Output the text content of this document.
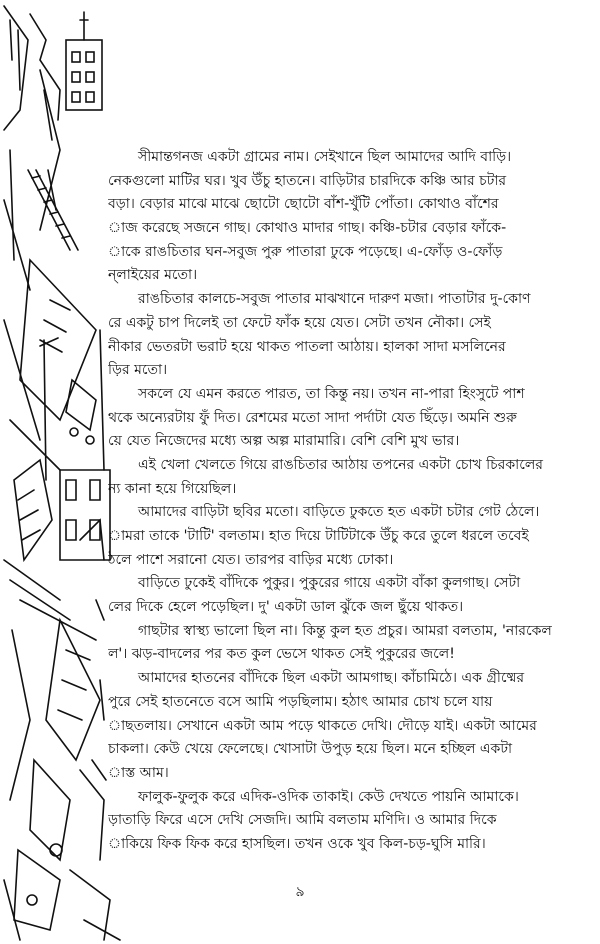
সীমান্তগনজ একটা গ্রামের নাম। সেইখানে ছিল আমাদের আদি বাড়ি।
নেকগুলো মাটির ঘর। খুব উঁচু হাতনে। বাড়িটার চারদিকে কঞ্চি আর চটার
বড়া। বেড়ার মাঝে মাঝে ছোটো ছোটো বাঁশ-খুঁটি পোঁতা। কোথাও বাঁশের
াজ করেছে সজনে গাছ। কোথাও মাদার গাছ। কঞ্চি-চটার বেড়ার ফাঁকে-
াকে রাঙচিতার ঘন-সবুজ পুরু পাতারা ঢুকে পড়েছে। এ-ফোঁড় ও-ফোঁড়
ন্লাইয়ের মতো।
রাঙচিতার কালচে-সবুজ পাতার মাঝখানে দারুণ মজা। পাতাটার দু-কোণ
রে একটু চাপ দিলেই তা ফেটে ফাঁক হয়ে যেত। সেটা তখন নৌকা। সেই
নীকার ভেতরটা ভরাট হয়ে থাকত পাতলা আঠায়। হালকা সাদা মসলিনের
ড়ির মতো।
সকলে যে এমন করতে পারত, তা কিন্তু নয়। তখন না-পারা হিংসুটে পাশ
থকে অন্যেরটায় ফুঁ দিত। রেশমের মতো সাদা পর্দাটা যেত ছিঁড়ে। অমনি শুরু
য়ে যেত নিজেদের মধ্যে অল্প অল্প মারামারি। বেশি বেশি মুখ ভার।
এই খেলা খেলতে গিয়ে রাঙচিতার আঠায় তপনের একটা চোখ চিরকালের
ন্য কানা হয়ে গিয়েছিল।
আমাদের বাড়িটা ছবির মতো। বাড়িতে ঢুকতে হত একটা চটার গেট ঠেলে।
ামরা তাকে 'টাটি' বলতাম। হাত দিয়ে টাটিটাকে উঁচু করে তুলে ধরলে তবেই
ঠলে পাশে সরানো যেত। তারপর বাড়ির মধ্যে ঢোকা।
বাড়িতে ঢুকেই বাঁদিকে পুকুর। পুকুরের গায়ে একটা বাঁকা কুলগাছ। সেটা
লের দিকে হেলে পড়েছিল। দু' একটা ডাল ঝুঁকে জল ছুঁয়ে থাকত।
গাছটার স্বাস্থ্য ভালো ছিল না। কিন্তু কুল হত প্রচুর। আমরা বলতাম, 'নারকেল
ল'। ঝড়-বাদলের পর কত কুল ভেসে থাকত সেই পুকুরের জলে!
আমাদের হাতনের বাঁদিকে ছিল একটা আমগাছ। কাঁচামিঠে। এক গ্রীষ্মের
পুরে সেই হাতনেতে বসে আমি পড়ছিলাম। হঠাৎ আমার চোখ চলে যায়
াছতলায়। সেখানে একটা আম পড়ে থাকতে দেখি। দৌড়ে যাই। একটা আমের
চাকলা। কেউ খেয়ে ফেলেছে। খোসাটা উপুড় হয়ে ছিল। মনে হচ্ছিল একটা
াস্ত আম।
ফালুক-ফুলুক করে এদিক-ওদিক তাকাই। কেউ দেখতে পায়নি আমাকে।
ড়াতাড়ি ফিরে এসে দেখি সেজদি। আমি বলতাম মণিদি। ও আমার দিকে
াকিয়ে ফিক ফিক করে হাসছিল। তখন ওকে খুব কিল-চড়-ঘুসি মারি।
৯
